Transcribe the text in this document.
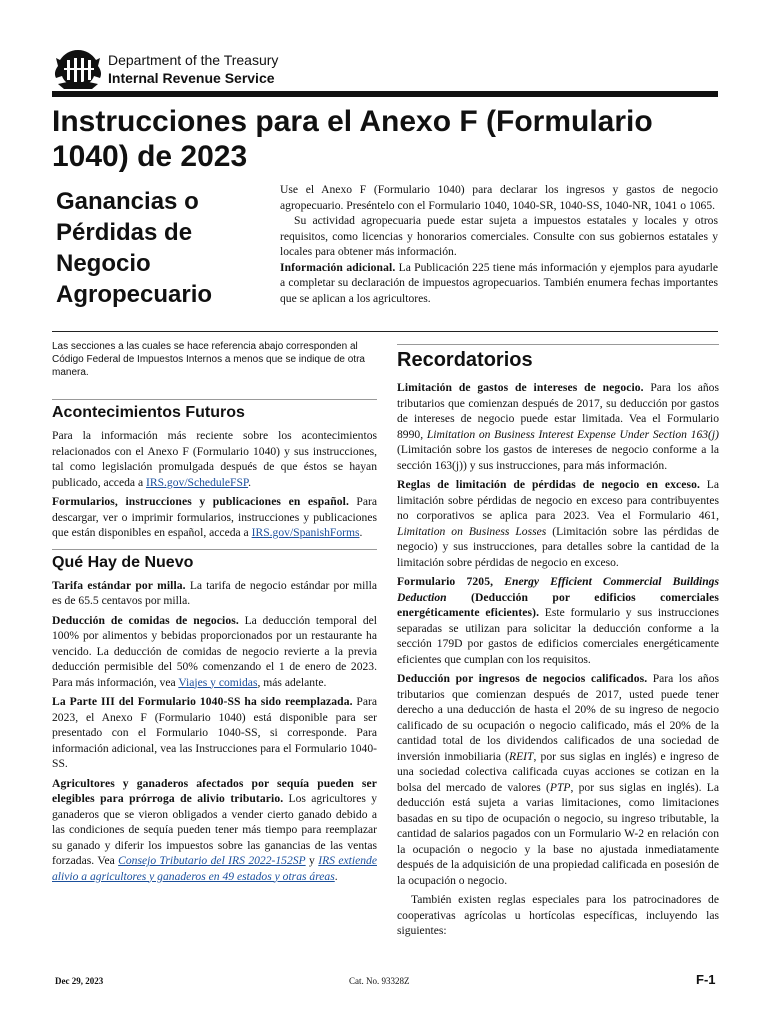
Department of the Treasury
Internal Revenue Service
Instrucciones para el Anexo F (Formulario 1040) de 2023
Ganancias o Pérdidas de Negocio Agropecuario

Use el Anexo F (Formulario 1040) para declarar los ingresos y gastos de negocio agropecuario. Preséntelo con el Formulario 1040, 1040-SR, 1040-SS, 1040-NR, 1041 o 1065.

Su actividad agropecuaria puede estar sujeta a impuestos estatales y locales y otros requisitos, como licencias y honorarios comerciales. Consulte con sus gobiernos estatales y locales para obtener más información.

Información adicional. La Publicación 225 tiene más información y ejemplos para ayudarle a completar su declaración de impuestos agropecuarios. También enumera fechas importantes que se aplican a los agricultores.

Las secciones a las cuales se hace referencia abajo corresponden al Código Federal de Impuestos Internos a menos que se indique de otra manera.

Acontecimientos Futuros

Para la información más reciente sobre los acontecimientos relacionados con el Anexo F (Formulario 1040) y sus instrucciones, tal como legislación promulgada después de que éstos se hayan publicado, acceda a IRS.gov/ScheduleFSP.

Formularios, instrucciones y publicaciones en español. Para descargar, ver o imprimir formularios, instrucciones y publicaciones que están disponibles en español, acceda a IRS.gov/SpanishForms.

Qué Hay de Nuevo

Tarifa estándar por milla. La tarifa de negocio estándar por milla es de 65.5 centavos por milla.

Deducción de comidas de negocios. La deducción temporal del 100% por alimentos y bebidas proporcionados por un restaurante ha vencido. La deducción de comidas de negocio revierte a la previa deducción permisible del 50% comenzando el 1 de enero de 2023. Para más información, vea Viajes y comidas, más adelante.

La Parte III del Formulario 1040-SS ha sido reemplazada. Para 2023, el Anexo F (Formulario 1040) está disponible para ser presentado con el Formulario 1040-SS, si corresponde. Para información adicional, vea las Instrucciones para el Formulario 1040-SS.

Agricultores y ganaderos afectados por sequía pueden ser elegibles para prórroga de alivio tributario. Los agricultores y ganaderos que se vieron obligados a vender cierto ganado debido a las condiciones de sequía pueden tener más tiempo para reemplazar su ganado y diferir los impuestos sobre las ganancias de las ventas forzadas. Vea Consejo Tributario del IRS 2022-152SP y IRS extiende alivio a agricultores y ganaderos en 49 estados y otras áreas.

Recordatorios

Limitación de gastos de intereses de negocio. Para los años tributarios que comienzan después de 2017, su deducción por gastos de intereses de negocio puede estar limitada. Vea el Formulario 8990, Limitation on Business Interest Expense Under Section 163(j) (Limitación sobre los gastos de intereses de negocio conforme a la sección 163(j)) y sus instrucciones, para más información.

Reglas de limitación de pérdidas de negocio en exceso. La limitación sobre pérdidas de negocio en exceso para contribuyentes no corporativos se aplica para 2023. Vea el Formulario 461, Limitation on Business Losses (Limitación sobre las pérdidas de negocio) y sus instrucciones, para detalles sobre la cantidad de la limitación sobre pérdidas de negocio en exceso.

Formulario 7205, Energy Efficient Commercial Buildings Deduction (Deducción por edificios comerciales energéticamente eficientes). Este formulario y sus instrucciones separadas se utilizan para solicitar la deducción conforme a la sección 179D por gastos de edificios comerciales energéticamente eficientes que cumplan con los requisitos.

Deducción por ingresos de negocios calificados. Para los años tributarios que comienzan después de 2017, usted puede tener derecho a una deducción de hasta el 20% de su ingreso de negocio calificado de su ocupación o negocio calificado, más el 20% de la cantidad total de los dividendos calificados de una sociedad de inversión inmobiliaria (REIT, por sus siglas en inglés) e ingreso de una sociedad colectiva calificada cuyas acciones se cotizan en la bolsa del mercado de valores (PTP, por sus siglas en inglés). La deducción está sujeta a varias limitaciones, como limitaciones basadas en su tipo de ocupación o negocio, su ingreso tributable, la cantidad de salarios pagados con un Formulario W-2 en relación con la ocupación o negocio y la base no ajustada inmediatamente después de la adquisición de una propiedad calificada en posesión de la ocupación o negocio.

También existen reglas especiales para los patrocinadores de cooperativas agrícolas u hortícolas específicas, incluyendo las siguientes:

Dec 29, 2023	Cat. No. 93328Z	F-1
